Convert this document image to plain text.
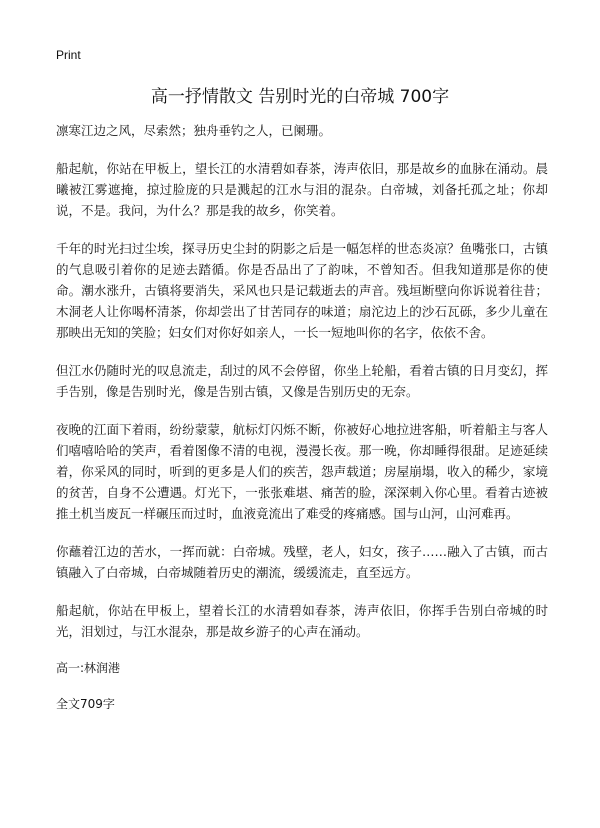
Print
高一抒情散文 告别时光的白帝城 700字

凛寒江边之风，尽索然；独舟垂钓之人，已阑珊。

船起航，你站在甲板上，望长江的水清碧如春茶，涛声依旧，那是故乡的血脉在涌动。晨曦被江雾遮掩，掠过脸庞的只是溅起的江水与泪的混杂。白帝城，刘备托孤之址；你却说，不是。我问，为什么？那是我的故乡，你笑着。

千年的时光扫过尘埃，探寻历史尘封的阴影之后是一幅怎样的世态炎凉？鱼嘴张口，古镇的气息吸引着你的足迹去踏循。你是否品出了了韵味，不曾知否。但我知道那是你的使命。潮水涨升，古镇将要消失，采风也只是记载逝去的声音。残垣断壁向你诉说着往昔；木洞老人让你喝杯清茶，你却尝出了甘苦同存的味道；扇沱边上的沙石瓦砾，多少儿童在那映出无知的笑脸；妇女们对你好如亲人，一长一短地叫你的名字，依依不舍。

但江水仍随时光的叹息流走，刮过的风不会停留，你坐上轮船，看着古镇的日月变幻，挥手告别，像是告别时光，像是告别古镇，又像是告别历史的无奈。

夜晚的江面下着雨，纷纷蒙蒙，航标灯闪烁不断，你被好心地拉进客船，听着船主与客人们嘻嘻哈哈的笑声，看着图像不清的电视，漫漫长夜。那一晚，你却睡得很甜。足迹延续着，你采风的同时，听到的更多是人们的疾苦，怨声载道；房屋崩塌，收入的稀少，家境的贫苦，自身不公遭遇。灯光下，一张张难堪、痛苦的脸，深深刺入你心里。看着古迹被推土机当废瓦一样碾压而过时，血液竟流出了难受的疼痛感。国与山河，山河难再。

你蘸着江边的苦水，一挥而就：白帝城。残壁，老人，妇女，孩子……融入了古镇，而古镇融入了白帝城，白帝城随着历史的潮流，缓缓流走，直至远方。

船起航，你站在甲板上，望着长江的水清碧如春茶，涛声依旧，你挥手告别白帝城的时光，泪划过，与江水混杂，那是故乡游子的心声在涌动。

高一:林润港

全文709字
